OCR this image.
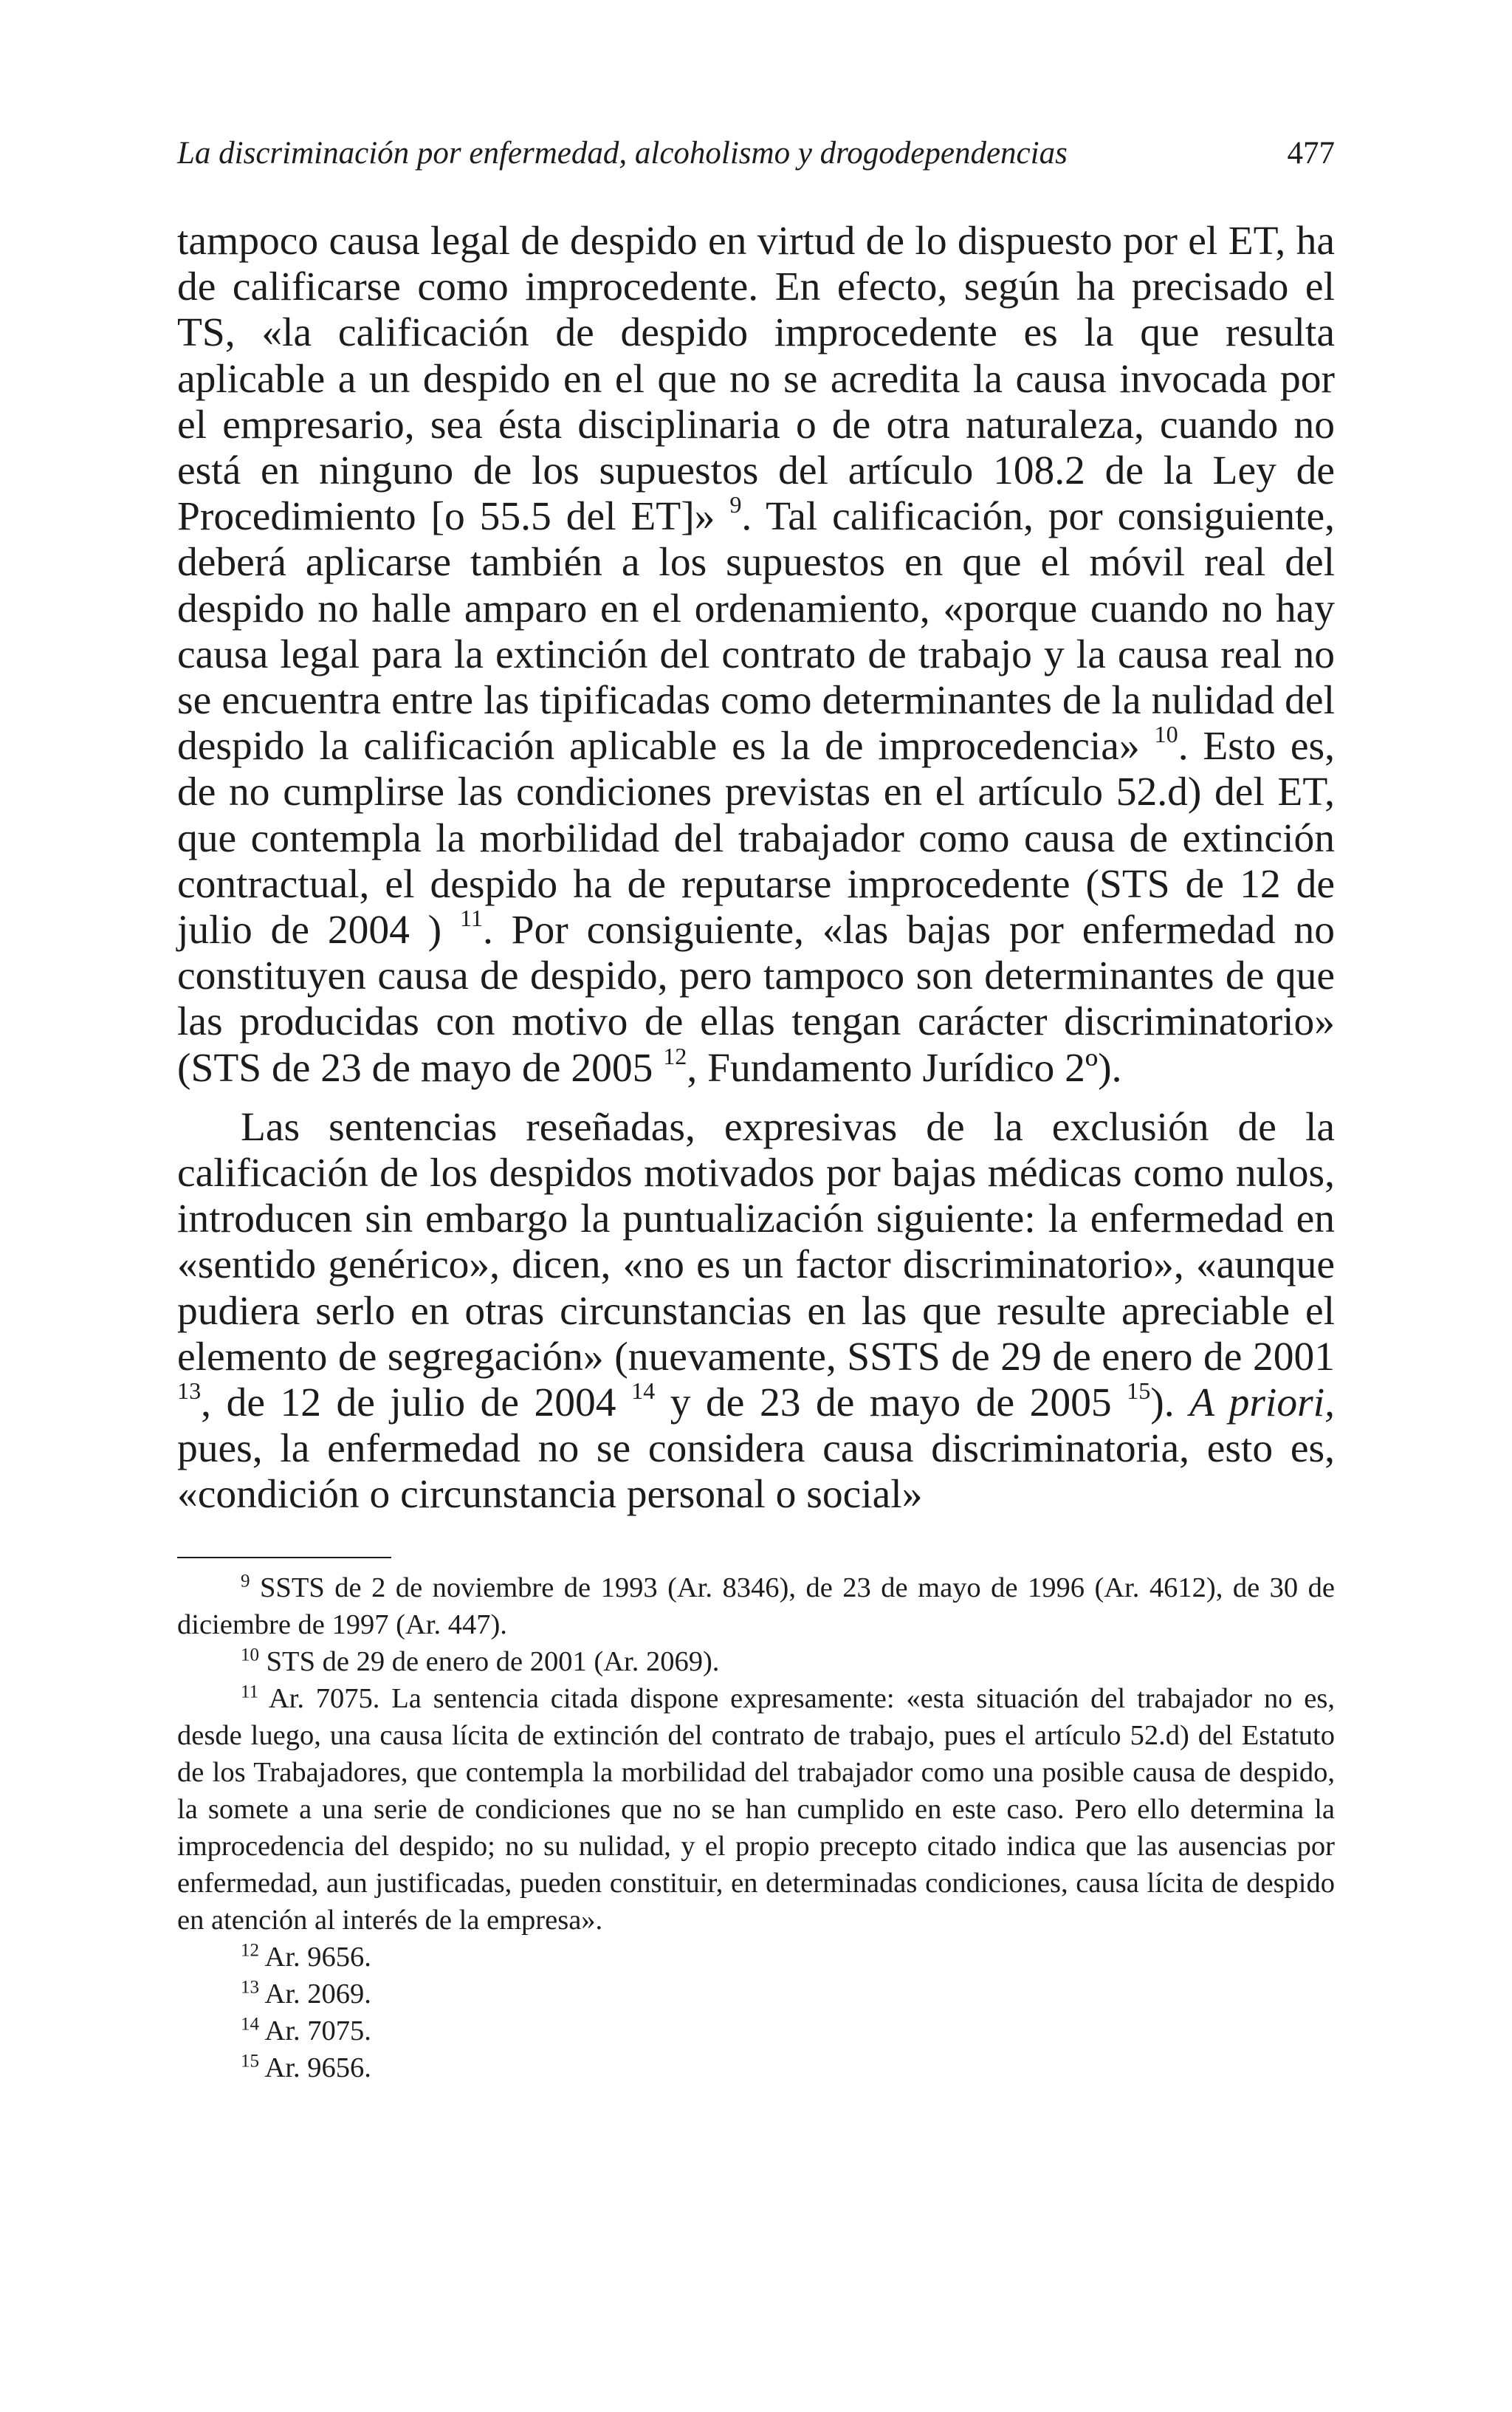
La discriminación por enfermedad, alcoholismo y drogodependencias	477

tampoco causa legal de despido en virtud de lo dispuesto por el ET, ha de calificarse como improcedente. En efecto, según ha precisado el TS, «la calificación de despido improcedente es la que resulta aplicable a un despido en el que no se acredita la causa invocada por el empresario, sea ésta disciplinaria o de otra naturaleza, cuando no está en ninguno de los supuestos del artículo 108.2 de la Ley de Procedimiento [o 55.5 del ET]» $^9$. Tal calificación, por consiguiente, deberá aplicarse también a los supuestos en que el móvil real del despido no halle amparo en el ordenamiento, «porque cuando no hay causa legal para la extinción del contrato de trabajo y la causa real no se encuentra entre las tipificadas como determinantes de la nulidad del despido la calificación aplicable es la de improcedencia» $^{10}$. Esto es, de no cumplirse las condiciones previstas en el artículo 52.d) del ET, que contempla la morbilidad del trabajador como causa de extinción contractual, el despido ha de reputarse improcedente (STS de 12 de julio de 2004 ) $^{11}$. Por consiguiente, «las bajas por enfermedad no constituyen causa de despido, pero tampoco son determinantes de que las producidas con motivo de ellas tengan carácter discriminatorio» (STS de 23 de mayo de 2005 $^{12}$, Fundamento Jurídico 2º).

Las sentencias reseñadas, expresivas de la exclusión de la calificación de los despidos motivados por bajas médicas como nulos, introducen sin embargo la puntualización siguiente: la enfermedad en «sentido genérico», dicen, «no es un factor discriminatorio», «aunque pudiera serlo en otras circunstancias en las que resulte apreciable el elemento de segregación» (nuevamente, SSTS de 29 de enero de 2001 $^{13}$, de 12 de julio de 2004 $^{14}$ y de 23 de mayo de 2005 $^{15}$). A priori, pues, la enfermedad no se considera causa discriminatoria, esto es, «condición o circunstancia personal o social»

$^9$ SSTS de 2 de noviembre de 1993 (Ar. 8346), de 23 de mayo de 1996 (Ar. 4612), de 30 de diciembre de 1997 (Ar. 447).

$^{10}$ STS de 29 de enero de 2001 (Ar. 2069).

$^{11}$ Ar. 7075. La sentencia citada dispone expresamente: «esta situación del trabajador no es, desde luego, una causa lícita de extinción del contrato de trabajo, pues el artículo 52.d) del Estatuto de los Trabajadores, que contempla la morbilidad del trabajador como una posible causa de despido, la somete a una serie de condiciones que no se han cumplido en este caso. Pero ello determina la improcedencia del despido; no su nulidad, y el propio precepto citado indica que las ausencias por enfermedad, aun justificadas, pueden constituir, en determinadas condiciones, causa lícita de despido en atención al interés de la empresa».

$^{12}$ Ar. 9656.

$^{13}$ Ar. 2069.

$^{14}$ Ar. 7075.

$^{15}$ Ar. 9656.
